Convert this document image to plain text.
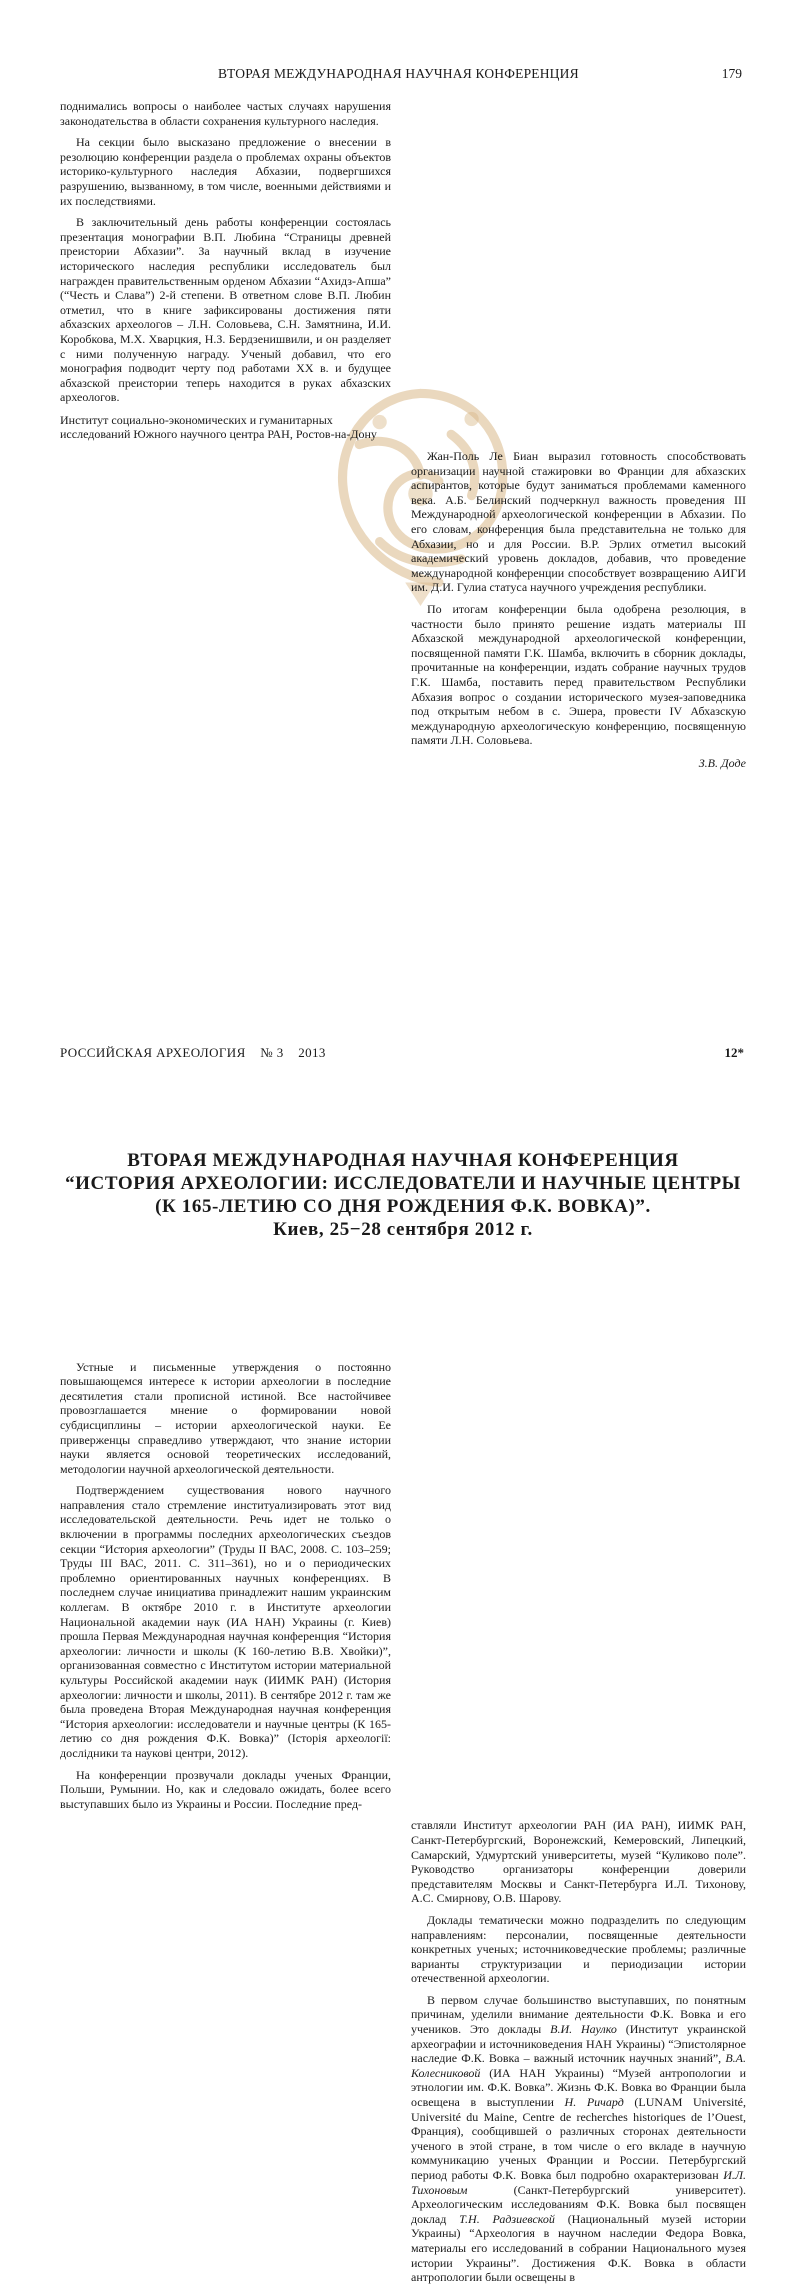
ВТОРАЯ МЕЖДУНАРОДНАЯ НАУЧНАЯ КОНФЕРЕНЦИЯ	179

поднимались вопросы о наиболее частых случаях нарушения законодательства в области сохранения культурного наследия.

На секции было высказано предложение о внесении в резолюцию конференции раздела о проблемах охраны объектов историко-культурного наследия Абхазии, подвергшихся разрушению, вызванному, в том числе, военными действиями и их последствиями.

В заключительный день работы конференции состоялась презентация монографии В.П. Любина “Страницы древней преистории Абхазии”. За научный вклад в изучение исторического наследия республики исследователь был награжден правительственным орденом Абхазии “Ахидз-Апша” (“Честь и Слава”) 2-й степени. В ответном слове В.П. Любин отметил, что в книге зафиксированы достижения пяти абхазских археологов – Л.Н. Соловьева, С.Н. Замятнина, И.И. Коробкова, М.Х. Хварцкия, Н.З. Бердзенишвили, и он разделяет с ними полученную награду. Ученый добавил, что его монография подводит черту под работами XX в. и будущее абхазской преистории теперь находится в руках абхазских археологов.

Институт социально-экономических и гуманитарных
исследований Южного научного центра РАН, Ростов-на-Дону

Жан-Поль Ле Биан выразил готовность способствовать организации научной стажировки во Франции для абхазских аспирантов, которые будут заниматься проблемами каменного века. А.Б. Белинский подчеркнул важность проведения III Международной археологической конференции в Абхазии. По его словам, конференция была представительна не только для Абхазии, но и для России. В.Р. Эрлих отметил высокий академический уровень докладов, добавив, что проведение международной конференции способствует возвращению АИГИ им. Д.И. Гулиа статуса научного учреждения республики.

По итогам конференции была одобрена резолюция, в частности было принято решение издать материалы III Абхазской международной археологической конференции, посвященной памяти Г.К. Шамба, включить в сборник доклады, прочитанные на конференции, издать собрание научных трудов Г.К. Шамба, поставить перед правительством Республики Абхазия вопрос о создании исторического музея-заповедника под открытым небом в с. Эшера, провести IV Абхазскую международную археологическую конференцию, посвященную памяти Л.Н. Соловьева.

З.В. Доде

ВТОРАЯ МЕЖДУНАРОДНАЯ НАУЧНАЯ КОНФЕРЕНЦИЯ
“ИСТОРИЯ АРХЕОЛОГИИ: ИССЛЕДОВАТЕЛИ И НАУЧНЫЕ ЦЕНТРЫ
(К 165-ЛЕТИЮ СО ДНЯ РОЖДЕНИЯ Ф.К. ВОВКА)”.
Киев, 25−28 сентября 2012 г.

Устные и письменные утверждения о постоянно повышающемся интересе к истории археологии в последние десятилетия стали прописной истиной. Все настойчивее провозглашается мнение о формировании новой субдисциплины – истории археологической науки. Ее приверженцы справедливо утверждают, что знание истории науки является основой теоретических исследований, методологии научной археологической деятельности.

Подтверждением существования нового научного направления стало стремление институализировать этот вид исследовательской деятельности. Речь идет не только о включении в программы последних археологических съездов секции “История археологии” (Труды II ВАС, 2008. С. 103–259; Труды III ВАС, 2011. С. 311–361), но и о периодических проблемно ориентированных научных конференциях. В последнем случае инициатива принадлежит нашим украинским коллегам. В октябре 2010 г. в Институте археологии Национальной академии наук (ИА НАН) Украины (г. Киев) прошла Первая Международная научная конференция “История археологии: личности и школы (К 160-летию В.В. Хвойки)”, организованная совместно с Институтом истории материальной культуры Российской академии наук (ИИМК РАН) (История археологии: личности и школы, 2011). В сентябре 2012 г. там же была проведена Вторая Международная научная конференция “История археологии: исследователи и научные центры (К 165-летию со дня рождения Ф.К. Вовка)” (Історія археології: дослідники та наукові центри, 2012).

На конференции прозвучали доклады ученых Франции, Польши, Румынии. Но, как и следовало ожидать, более всего выступавших было из Украины и России. Последние пред-

ставляли Институт археологии РАН (ИА РАН), ИИМК РАН, Санкт-Петербургский, Воронежский, Кемеровский, Липецкий, Самарский, Удмуртский университеты, музей “Куликово поле”. Руководство организаторы конференции доверили представителям Москвы и Санкт-Петербурга И.Л. Тихонову, А.С. Смирнову, О.В. Шарову.

Доклады тематически можно подразделить по следующим направлениям: персоналии, посвященные деятельности конкретных ученых; источниковедческие проблемы; различные варианты структуризации и периодизации истории отечественной археологии.

В первом случае большинство выступавших, по понятным причинам, уделили внимание деятельности Ф.К. Вовка и его учеников. Это доклады В.И. Наулко (Институт украинской археографии и источниковедения НАН Украины) “Эпистолярное наследие Ф.К. Вовка – важный источник научных знаний”, В.А. Колесниковой (ИА НАН Украины) “Музей антропологии и этнологии им. Ф.К. Вовка”. Жизнь Ф.К. Вовка во Франции была освещена в выступлении Н. Ричард (LUNAM Université, Université du Maine, Centre de recherches historiques de l’Ouest, Франция), сообщившей о различных сторонах деятельности ученого в этой стране, в том числе о его вкладе в научную коммуникацию ученых Франции и России. Петербургский период работы Ф.К. Вовка был подробно охарактеризован И.Л. Тихоновым (Санкт-Петербургский университет). Археологическим исследованиям Ф.К. Вовка был посвящен доклад Т.Н. Радзиевской (Национальный музей истории Украины) “Археология в научном наследии Федора Вовка, материалы его исследований в собрании Национального музея истории Украины”. Достижения Ф.К. Вовка в области антропологии были освещены в

РОССИЙСКАЯ АРХЕОЛОГИЯ    № 3    2013	12*
